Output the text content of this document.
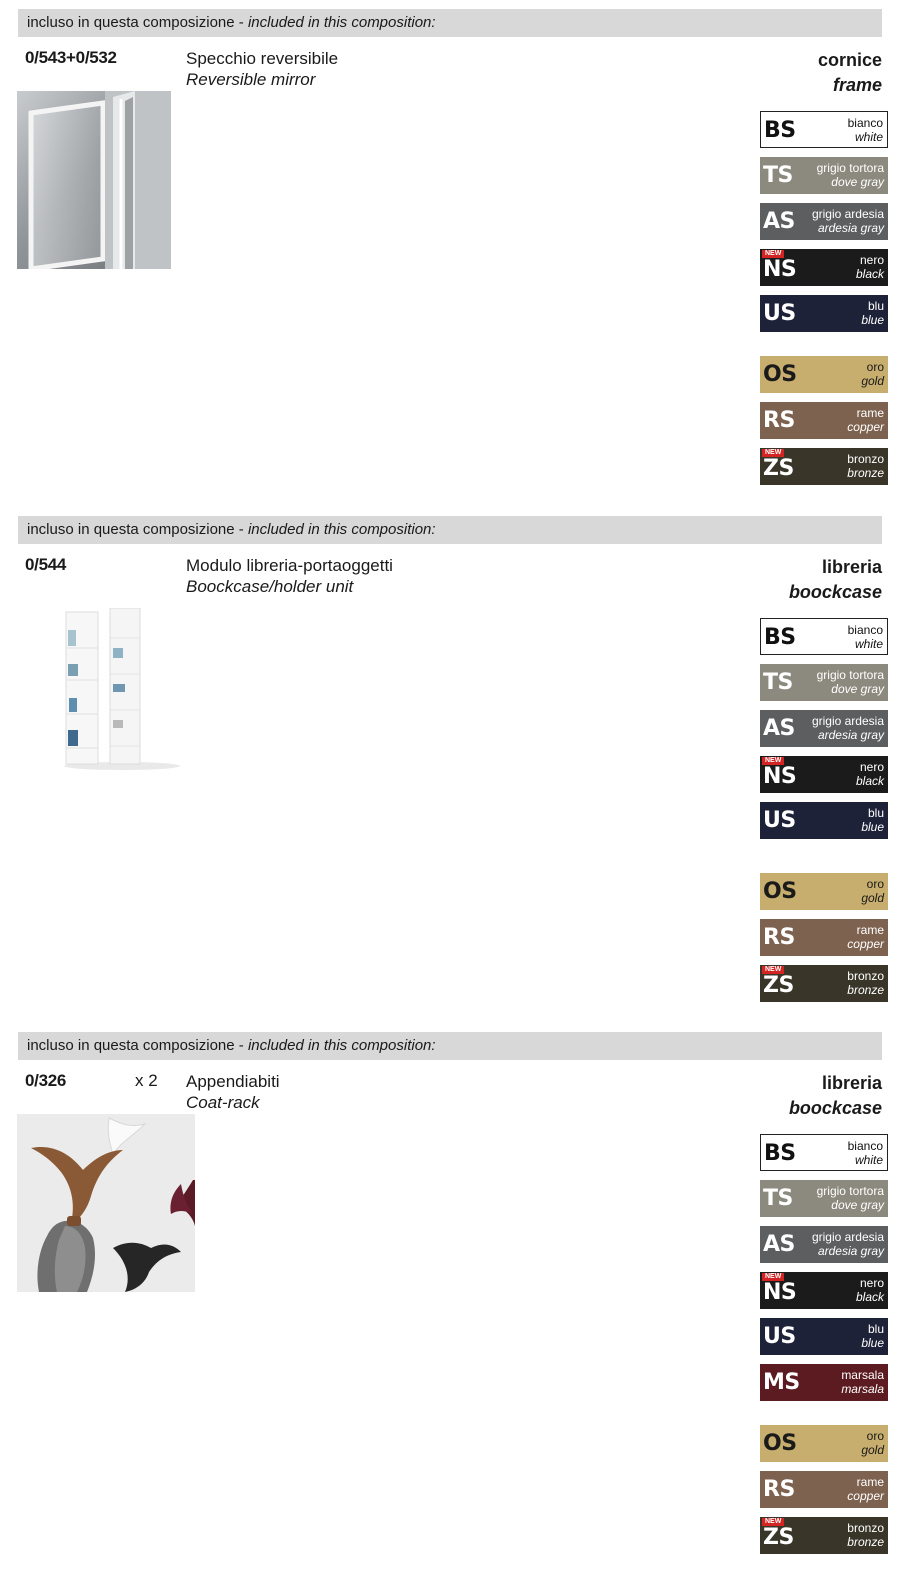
incluso in questa composizione - included in this composition:
0/543+0/532	Specchio reversibile
Reversible mirror
cornice
frame
BS	bianco
white
TS grigio tortora
dove gray
AS grigio ardesia
ardesia gray
NEW
NS	nero
black
US	blu
blue
OS	oro
gold
RS	rame
copper
NEW
ZS	bronzo
bronze
incluso in questa composizione - included in this composition:
0/544	Modulo libreria-portaoggetti
Boockcase/holder unit
libreria
boockcase
BS	bianco
white
TS grigio tortora
dove gray
AS grigio ardesia
ardesia gray
NEW
NS	nero
black
US	blu
blue
OS	oro
gold
RS	rame
copper
NEW
ZS	bronzo
bronze
incluso in questa composizione - included in this composition:
0/326	x 2 Appendiabiti
Coat-rack
libreria
boockcase
BS	bianco
white
TS grigio tortora
dove gray
AS grigio ardesia
ardesia gray
NEW
NS	nero
black
US	blu
blue
MS	marsala
marsala
OS	oro
gold
RS	rame
copper
NEW
ZS	bronzo
bronze
